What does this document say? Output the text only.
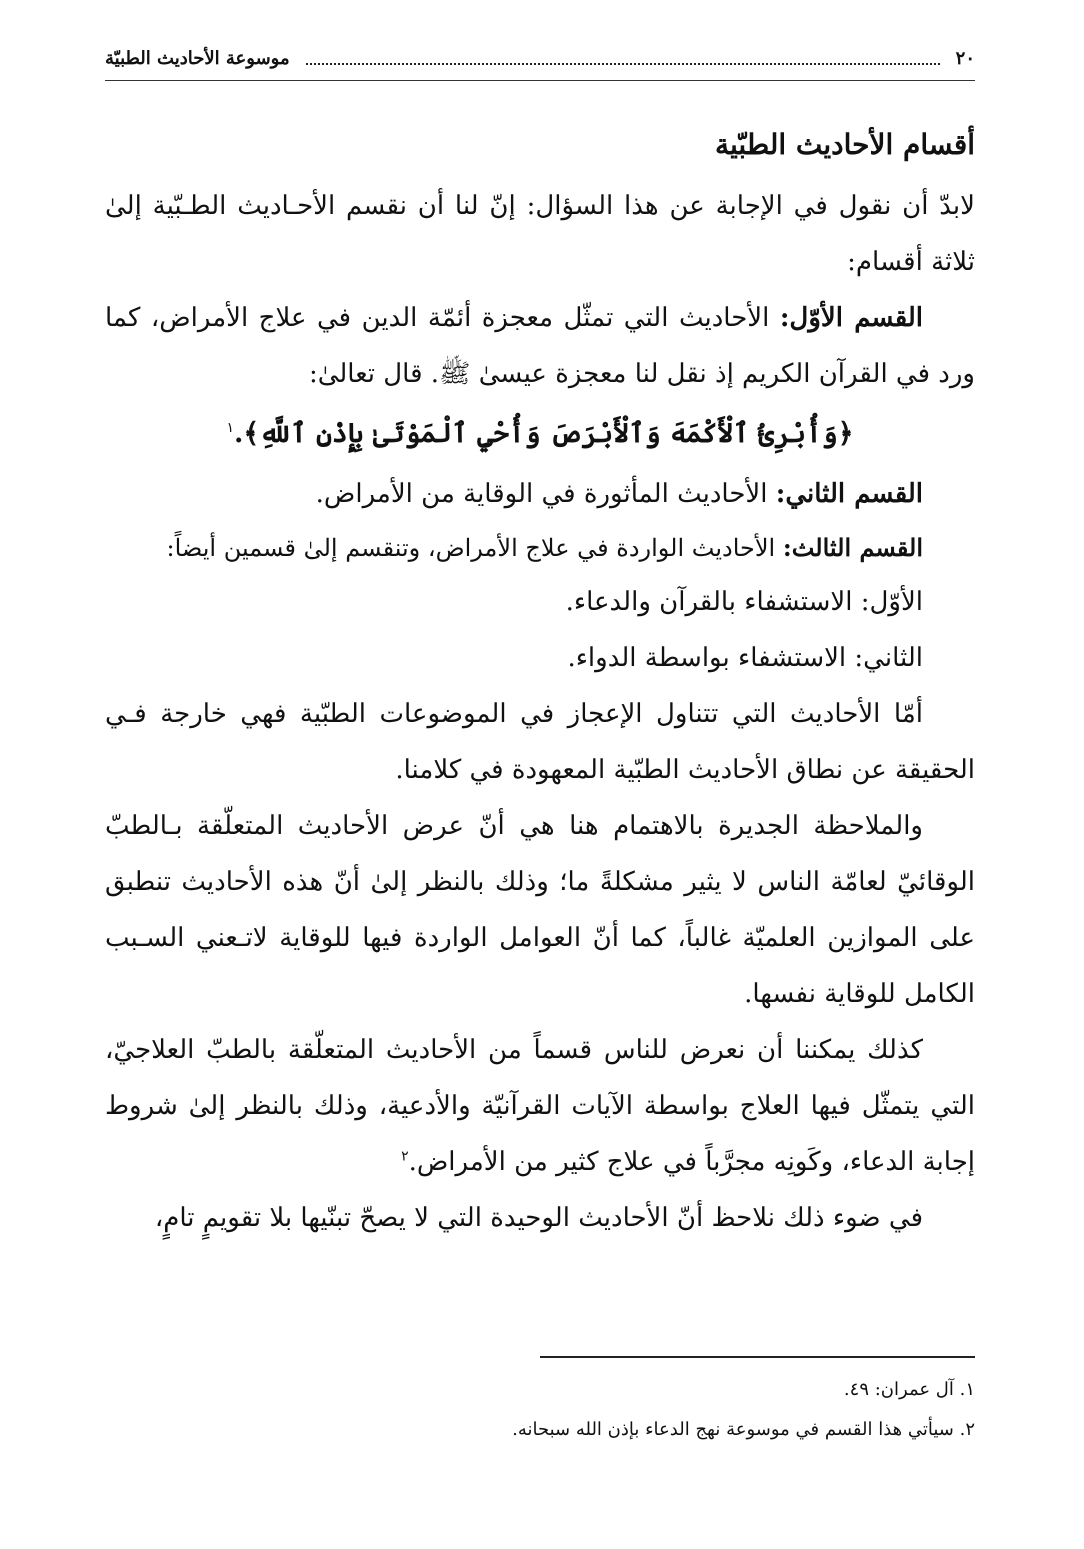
٢٠
موسوعة الأحاديث الطبيّة
أقسام الأحاديث الطبّية

لابدّ أن نقول في الإجابة عن هذا السؤال: إنّ لنا أن نقسم الأحـاديث الطـبّية إلىٰ ثلاثة أقسام:

القسم الأوّل: الأحاديث التي تمثّل معجزة أئمّة الدين في علاج الأمراض، كما ورد في القرآن الكريم إذ نقل لنا معجزة عيسىٰ ﷺ. قال تعالىٰ:

﴿وَأُبْرِئُ ٱلْأَكْمَهَ وَٱلْأَبْرَصَ وَأُحْيِ ٱلْمَوْتَىٰ بِإِذْنِ ٱللَّهِ﴾.$^١$

القسم الثاني: الأحاديث المأثورة في الوقاية من الأمراض.

القسم الثالث: الأحاديث الواردة في علاج الأمراض، وتنقسم إلىٰ قسمين أيضاً:

الأوّل: الاستشفاء بالقرآن والدعاء.

الثاني: الاستشفاء بواسطة الدواء.

أمّا الأحاديث التي تتناول الإعجاز في الموضوعات الطبّية فهي خارجة فـي الحقيقة عن نطاق الأحاديث الطبّية المعهودة في كلامنا.

والملاحظة الجديرة بالاهتمام هنا هي أنّ عرض الأحاديث المتعلّقة بـالطبّ الوقائيّ لعامّة الناس لا يثير مشكلةً ما؛ وذلك بالنظر إلىٰ أنّ هذه الأحاديث تنطبق على الموازين العلميّة غالباً، كما أنّ العوامل الواردة فيها للوقاية لاتـعني السـبب الكامل للوقاية نفسها.

كذلك يمكننا أن نعرض للناس قسماً من الأحاديث المتعلّقة بالطبّ العلاجيّ، التي يتمثّل فيها العلاج بواسطة الآيات القرآنيّة والأدعية، وذلك بالنظر إلىٰ شروط إجابة الدعاء، وكَونِه مجرَّباً في علاج كثير من الأمراض.$^٢$

في ضوء ذلك نلاحظ أنّ الأحاديث الوحيدة التي لا يصحّ تبنّيها بلا تقويمٍ تامٍ،

١. آل عمران: ٤٩.

٢. سيأتي هذا القسم في موسوعة نهج الدعاء بإذن الله سبحانه.
